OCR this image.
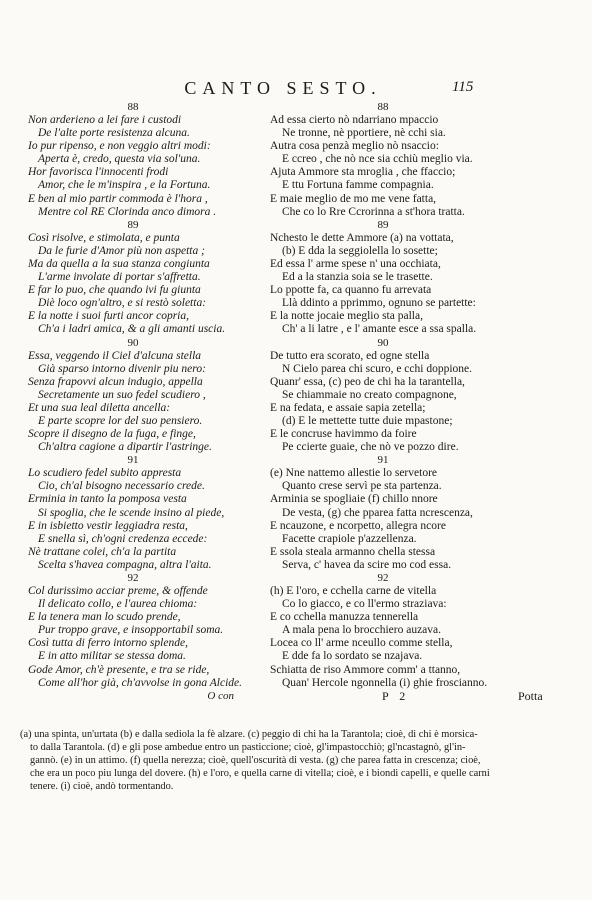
CANTO SESTO.	115
88
Non arderieno a lei fare i custodi
De l'alte porte resistenza alcuna.
Io pur ripenso, e non veggio altri modi:
Aperta è, credo, questa via sol'una.
Hor favorisca l'innocenti frodi
Amor, che le m'inspira , e la Fortuna.
E ben al mio partir commoda è l'hora ,
Mentre col RE Clorinda anco dimora .
89
Così risolve, e stimolata, e punta
Da le furie d'Amor più non aspetta ;
Ma da quella a la sua stanza congiunta
L'arme involate di portar s'affretta.
E far lo puo, che quando ivi fu giunta
Diè loco ogn'altro, e si restò soletta:
E la notte i suoi furti ancor copria,
Ch'a i ladri amica, & a gli amanti uscia.
90
Essa, veggendo il Ciel d'alcuna stella
Già sparso intorno divenir piu nero:
Senza frapovvi alcun indugio, appella
Secretamente un suo fedel scudiero ,
Et una sua leal diletta ancella:
E parte scopre lor del suo pensiero.
Scopre il disegno de la fuga, e finge,
Ch'altra cagione a dipartir l'astringe.
91
Lo scudiero fedel subito appresta
Cio, ch'al bisogno necessario crede.
Erminia in tanto la pomposa vesta
Si spoglia, che le scende insino al piede,
E in isbietto vestir leggiadra resta,
E snella sì, ch'ogni credenza eccede:
Nè trattane colei, ch'a la partita
Scelta s'havea compagna, altra l'aita.
92
Col durissimo acciar preme, & offende
Il delicato collo, e l'aurea chioma:
E la tenera man lo scudo prende,
Pur troppo grave, e insopportabil soma.
Così tutta di ferro intorno splende,
E in atto militar se stessa doma.
Gode Amor, ch'è presente, e tra se ride,
Come all'hor già, ch'avvolse in gona Alcide.
O con
88
Ad essa cierto nò ndarriano mpaccio
Ne tronne, nè pportiere, nè cchi sia.
Autra cosa penzà meglio nò nsaccio:
E ccreo , che nò nce sia cchiù meglio via.
Ajuta Ammore sta mroglia , che ffaccio;
E ttu Fortuna famme compagnia.
E maie meglio de mo me vene fatta,
Che co lo Rre Ccrorinna a st'hora tratta.
89
Nchesto le dette Ammore (a) na vottata,
(b) E dda la seggiolella lo sosette;
Ed essa l' arme spese n' una occhiata,
Ed a la stanzia soia se le trasette.
Lo ppotte fa, ca quanno fu arrevata
Llà ddinto a pprimmo, ognuno se partette:
E la notte jocaie meglio sta palla,
Ch' a li latre , e l' amante esce a ssa spalla.
90
De tutto era scorato, ed ogne stella
N Cielo parea chi scuro, e cchi doppione.
Quanr' essa, (c) peo de chi ha la tarantella,
Se chiammaie no creato compagnone,
E na fedata, e assaie sapia zetella;
(d) E le mettette tutte duie mpastone;
E le concruse havimmo da foire
Pe ccierte guaie, che nò ve pozzo dire.
91
(e) Nne nattemo allestie lo servetore
Quanto crese servì pe sta partenza.
Arminia se spogliaie (f) chillo nnore
De vesta, (g) che pparea fatta ncrescenza,
E ncauzone, e ncorpetto, allegra ncore
Facette crapiole p'azzellenza.
E ssola steala armanno chella stessa
Serva, c' havea da scire mo cod essa.
92
(h) E l'oro, e cchella carne de vitella
Co lo giacco, e co ll'ermo straziava:
E co cchella manuzza tennerella
A mala pena lo brocchiero auzava.
Locea co ll' arme nceullo comme stella,
E dde fa lo sordato se nzajava.
Schiatta de riso Ammore comm' a ttanno,
Quan' Hercole ngonnella (i) ghie froscianno.
P 2	Potta
(a) una spinta, un'urtata (b) e dalla sediola la fè alzare. (c) peggio di chi ha la Tarantola; cioè, di chi è morsica-
to dalla Tarantola. (d) e gli pose ambedue entro un pasticcione; cioè, gl'impastocchiò; gl'ncastagnò, gl'in-
gannò. (e) in un attimo. (f) quella nerezza; cioè, quell'oscurità di vesta. (g) che parea fatta in crescenza; cioè,
che era un poco piu lunga del dovere. (h) e l'oro, e quella carne di vitella; cioè, e i biondi capelli, e quelle carni
tenere. (i) cioè, andò tormentando.
